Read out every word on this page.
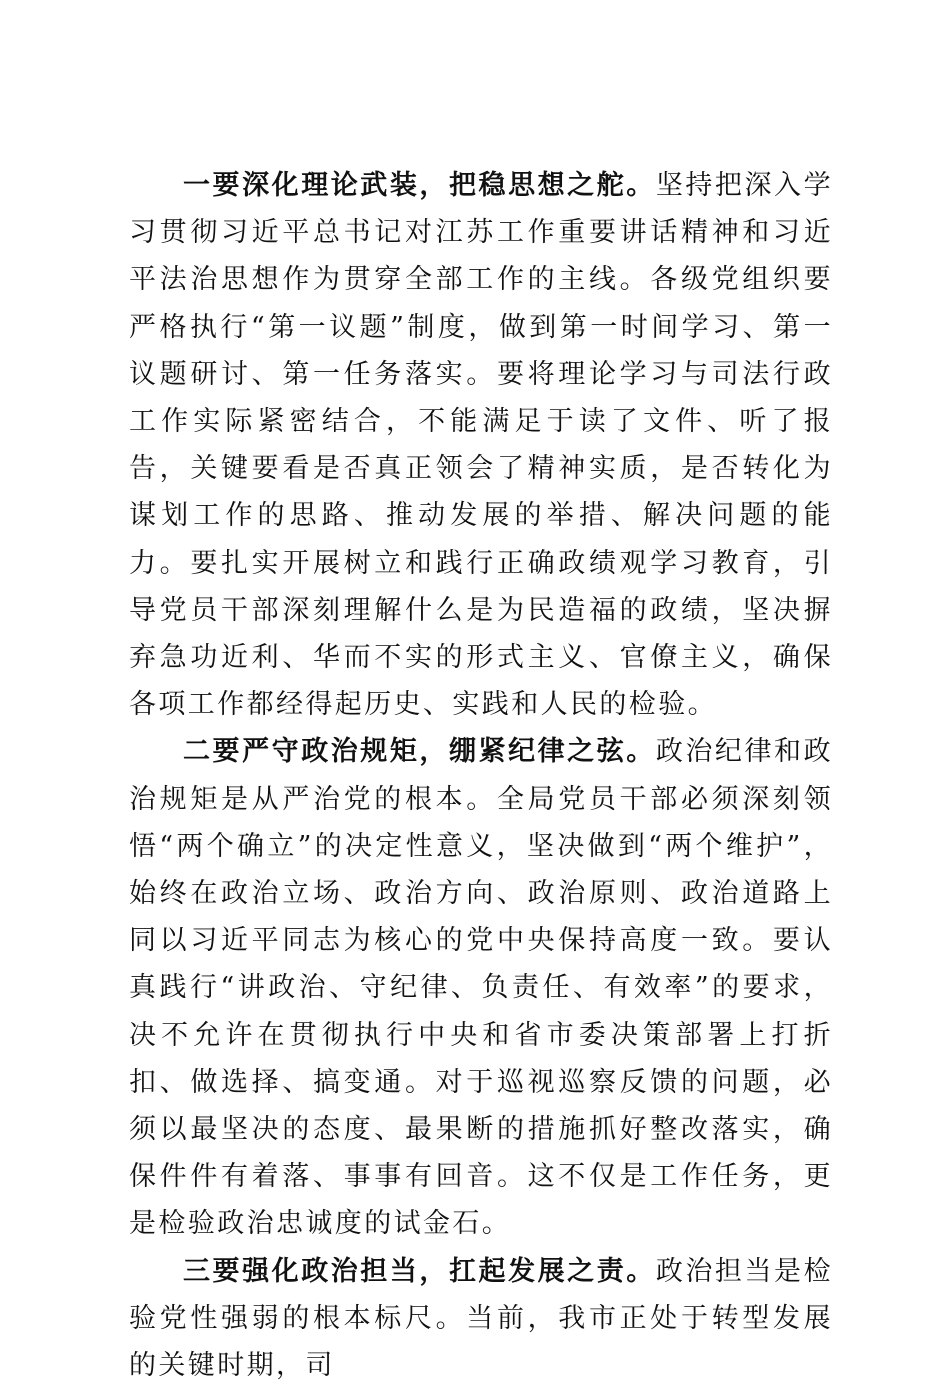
一要深化理论武装，把稳思想之舵。坚持把深入学习贯彻习近平总书记对江苏工作重要讲话精神和习近平法治思想作为贯穿全部工作的主线。各级党组织要严格执行“第一议题”制度，做到第一时间学习、第一议题研讨、第一任务落实。要将理论学习与司法行政工作实际紧密结合，不能满足于读了文件、听了报告，关键要看是否真正领会了精神实质，是否转化为谋划工作的思路、推动发展的举措、解决问题的能力。要扎实开展树立和践行正确政绩观学习教育，引导党员干部深刻理解什么是为民造福的政绩，坚决摒弃急功近利、华而不实的形式主义、官僚主义，确保各项工作都经得起历史、实践和人民的检验。

二要严守政治规矩，绷紧纪律之弦。政治纪律和政治规矩是从严治党的根本。全局党员干部必须深刻领悟“两个确立”的决定性意义，坚决做到“两个维护”，始终在政治立场、政治方向、政治原则、政治道路上同以习近平同志为核心的党中央保持高度一致。要认真践行“讲政治、守纪律、负责任、有效率”的要求，决不允许在贯彻执行中央和省市委决策部署上打折扣、做选择、搞变通。对于巡视巡察反馈的问题，必须以最坚决的态度、最果断的措施抓好整改落实，确保件件有着落、事事有回音。这不仅是工作任务，更是检验政治忠诚度的试金石。

三要强化政治担当，扛起发展之责。政治担当是检验党性强弱的根本标尺。当前，我市正处于转型发展的关键时期，司
